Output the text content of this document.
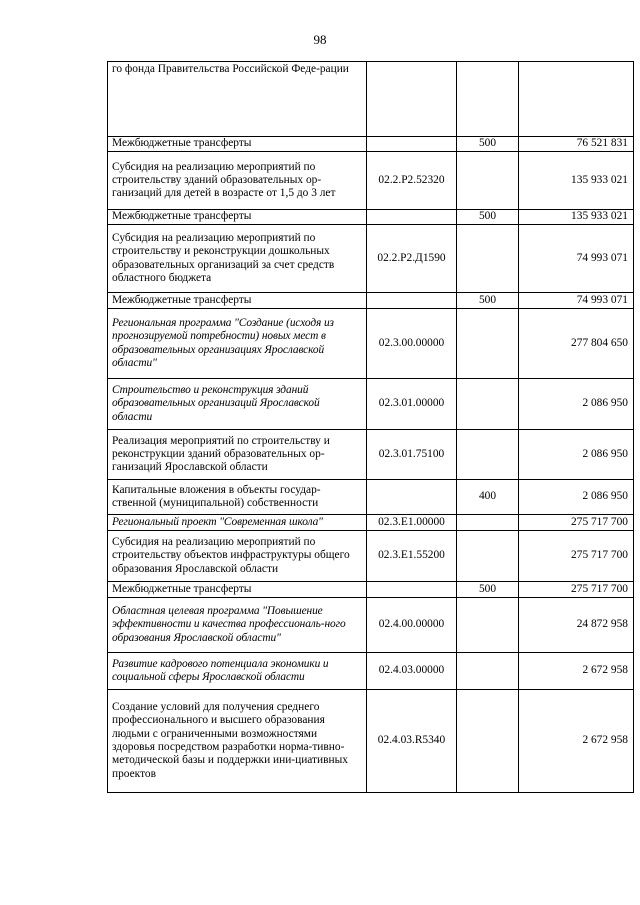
98
го фонда Правительства Российской Феде-рации			
Межбюджетные трансферты		500	76 521 831
Субсидия на реализацию мероприятий по строительству зданий образовательных ор-ганизаций для детей в возрасте от 1,5 до 3 лет	02.2.P2.52320		135 933 021
Межбюджетные трансферты		500	135 933 021
Субсидия на реализацию мероприятий по строительству и реконструкции дошкольных образовательных организаций за счет средств областного бюджета	02.2.P2.Д1590		74 993 071
Межбюджетные трансферты		500	74 993 071
Региональная программа "Создание (исходя из прогнозируемой потребности) новых мест в образовательных организациях Ярославской области"	02.3.00.00000		277 804 650
Строительство и реконструкция зданий образовательных организаций Ярославской области	02.3.01.00000		2 086 950
Реализация мероприятий по строительству и реконструкции зданий образовательных ор-ганизаций Ярославской области	02.3.01.75100		2 086 950
Капитальные вложения в объекты государ-ственной (муниципальной) собственности		400	2 086 950
Региональный проект "Современная школа"	02.3.E1.00000		275 717 700
Субсидия на реализацию мероприятий по строительству объектов инфраструктуры общего образования Ярославской области	02.3.E1.55200		275 717 700
Межбюджетные трансферты		500	275 717 700
Областная целевая программа "Повышение эффективности и качества профессиональ-ного образования Ярославской области"	02.4.00.00000		24 872 958
Развитие кадрового потенциала экономики и социальной сферы Ярославской области	02.4.03.00000		2 672 958
Создание условий для получения среднего профессионального и высшего образования людьми с ограниченными возможностями здоровья посредством разработки норма-тивно-методической базы и поддержки ини-циативных проектов	02.4.03.R5340		2 672 958
